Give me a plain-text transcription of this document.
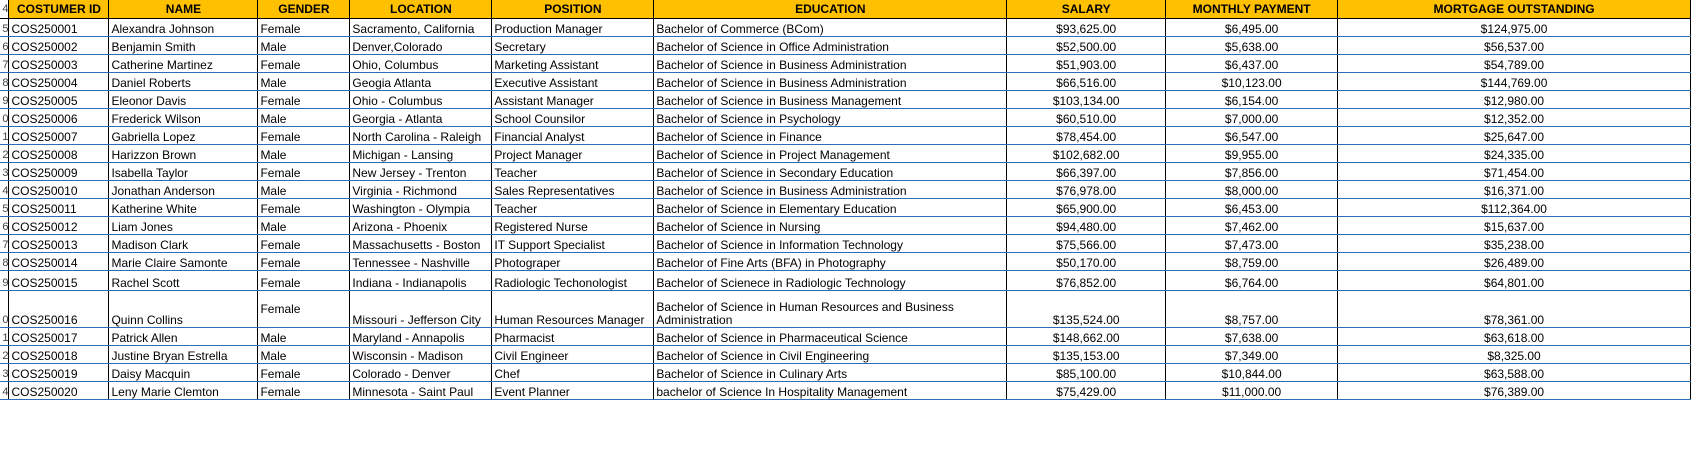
4	COSTUMER ID	NAME	GENDER	LOCATION	POSITION	EDUCATION	SALARY	MONTHLY PAYMENT	MORTGAGE OUTSTANDING
5	COS250001	Alexandra Johnson	Female	Sacramento, California	Production Manager	Bachelor of Commerce (BCom)	$93,625.00	$6,495.00	$124,975.00
6	COS250002	Benjamin Smith	Male	Denver,Colorado	Secretary	Bachelor of Science in Office Administration	$52,500.00	$5,638.00	$56,537.00
7	COS250003	Catherine Martinez	Female	Ohio, Columbus	Marketing Assistant	Bachelor of Science in Business Administration	$51,903.00	$6,437.00	$54,789.00
8	COS250004	Daniel Roberts	Male	Geogia Atlanta	Executive Assistant	Bachelor of Science in Business Administration	$66,516.00	$10,123.00	$144,769.00
9	COS250005	Eleonor Davis	Female	Ohio - Columbus	Assistant Manager	Bachelor of Science in Business Management	$103,134.00	$6,154.00	$12,980.00
0	COS250006	Frederick Wilson	Male	Georgia - Atlanta	School Counsilor	Bachelor of Science in Psychology	$60,510.00	$7,000.00	$12,352.00
1	COS250007	Gabriella Lopez	Female	North Carolina - Raleigh	Financial Analyst	Bachelor of Science in Finance	$78,454.00	$6,547.00	$25,647.00
2	COS250008	Harizzon Brown	Male	Michigan - Lansing	Project Manager	Bachelor of Science in Project Management	$102,682.00	$9,955.00	$24,335.00
3	COS250009	Isabella Taylor	Female	New Jersey - Trenton	Teacher	Bachelor of Science in Secondary Education	$66,397.00	$7,856.00	$71,454.00
4	COS250010	Jonathan Anderson	Male	Virginia - Richmond	Sales Representatives	Bachelor of Science in Business Administration	$76,978.00	$8,000.00	$16,371.00
5	COS250011	Katherine White	Female	Washington - Olympia	Teacher	Bachelor of Science in Elementary Education	$65,900.00	$6,453.00	$112,364.00
6	COS250012	Liam Jones	Male	Arizona - Phoenix	Registered Nurse	Bachelor of Science in Nursing	$94,480.00	$7,462.00	$15,637.00
7	COS250013	Madison Clark	Female	Massachusetts - Boston	IT Support Specialist	Bachelor of Science in Information Technology	$75,566.00	$7,473.00	$35,238.00
8	COS250014	Marie Claire Samonte	Female	Tennessee - Nashville	Photograper	Bachelor of Fine Arts (BFA) in Photography	$50,170.00	$8,759.00	$26,489.00
9	COS250015	Rachel Scott	Female	Indiana - Indianapolis	Radiologic Techonologist	Bachelor of Scienece in Radiologic Technology	$76,852.00	$6,764.00	$64,801.00
0	COS250016	Quinn Collins	Female	Missouri - Jefferson City	Human Resources Manager	Bachelor of Science in Human Resources and Business Administration	$135,524.00	$8,757.00	$78,361.00
1	COS250017	Patrick Allen	Male	Maryland - Annapolis	Pharmacist	Bachelor of Science in Pharmaceutical Science	$148,662.00	$7,638.00	$63,618.00
2	COS250018	Justine Bryan Estrella	Male	Wisconsin - Madison	Civil Engineer	Bachelor of Science in Civil Engineering	$135,153.00	$7,349.00	$8,325.00
3	COS250019	Daisy Macquin	Female	Colorado - Denver	Chef	Bachelor of Science in Culinary Arts	$85,100.00	$10,844.00	$63,588.00
4	COS250020	Leny Marie Clemton	Female	Minnesota - Saint Paul	Event Planner	bachelor of Science In Hospitality Management	$75,429.00	$11,000.00	$76,389.00
